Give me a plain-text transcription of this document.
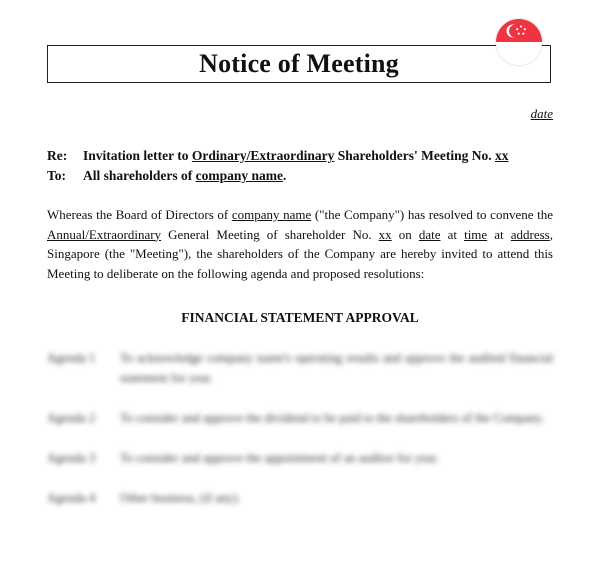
Notice of Meeting
date
Re:	Invitation letter to Ordinary/Extraordinary Shareholders' Meeting No. xx
To:	All shareholders of company name.
Whereas the Board of Directors of company name ("the Company") has resolved to convene the Annual/Extraordinary General Meeting of shareholder No. xx on date at time at address, Singapore (the "Meeting"), the shareholders of the Company are hereby invited to attend this Meeting to deliberate on the following agenda and proposed resolutions:
FINANCIAL STATEMENT APPROVAL
Agenda 1	To acknowledge company name's operating results and approve the audited financial statement for year.
Agenda 2	To consider and approve the dividend to be paid to the shareholders of the Company.
Agenda 3	To consider and approve the appointment of an auditor for year.
Agenda 4	Other business, (if any).
